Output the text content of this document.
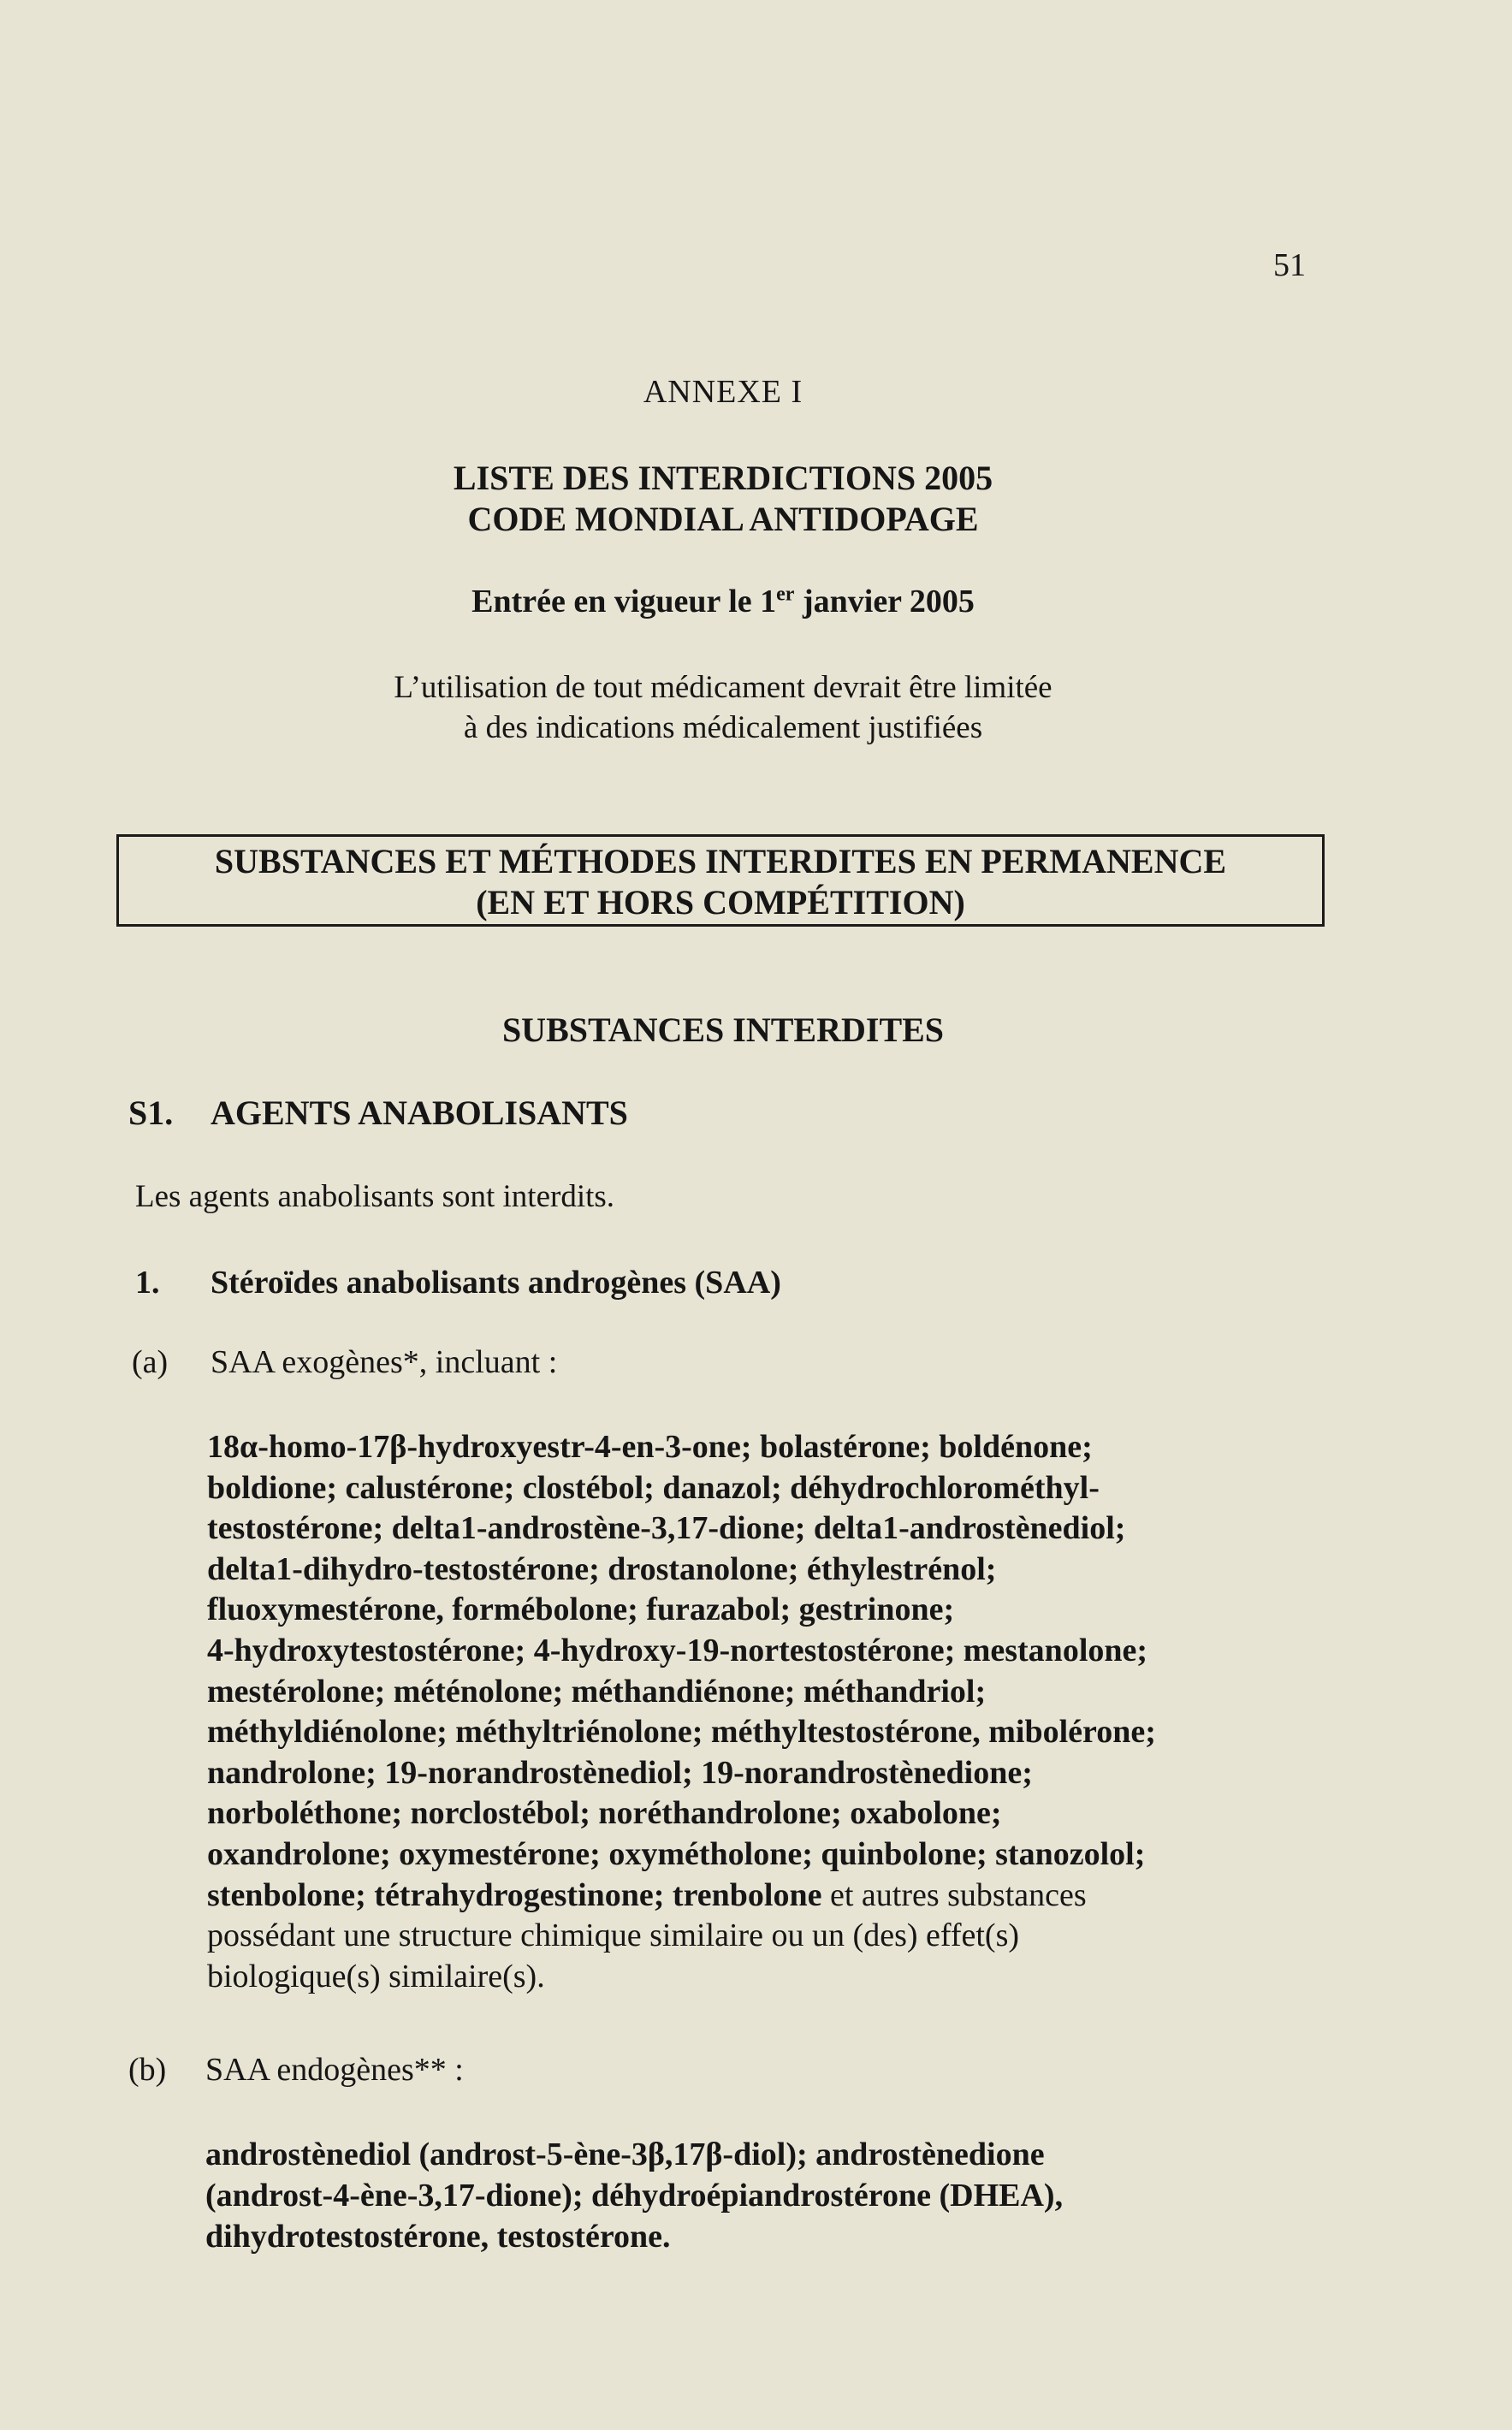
51
ANNEXE I
LISTE DES INTERDICTIONS 2005
CODE MONDIAL ANTIDOPAGE
Entrée en vigueur le 1er janvier 2005
L’utilisation de tout médicament devrait être limitée
à des indications médicalement justifiées
SUBSTANCES ET MÉTHODES INTERDITES EN PERMANENCE
(EN ET HORS COMPÉTITION)
SUBSTANCES INTERDITES
S1. AGENTS ANABOLISANTS
Les agents anabolisants sont interdits.
1. Stéroïdes anabolisants androgènes (SAA)
(a) SAA exogènes*, incluant :
18α-homo-17β-hydroxyestr-4-en-3-one; bolastérone; boldénone;
boldione; calustérone; clostébol; danazol; déhydrochlorométhyl-
testostérone; delta1-androstène-3,17-dione; delta1-androstènediol;
delta1-dihydro-testostérone; drostanolone; éthylestrénol;
fluoxymestérone, formébolone; furazabol; gestrinone;
4-hydroxytestostérone; 4-hydroxy-19-nortestostérone; mestanolone;
mestérolone; méténolone; méthandiénone; méthandriol;
méthyldiénolone; méthyltriénolone; méthyltestostérone, mibolérone;
nandrolone; 19-norandrostènediol; 19-norandrostènedione;
norboléthone; norclostébol; noréthandrolone; oxabolone;
oxandrolone; oxymestérone; oxymétholone; quinbolone; stanozolol;
stenbolone; tétrahydrogestinone; trenbolone et autres substances
possédant une structure chimique similaire ou un (des) effet(s)
biologique(s) similaire(s).
(b) SAA endogènes** :
androstènediol (androst-5-ène-3β,17β-diol); androstènedione
(androst-4-ène-3,17-dione); déhydroépiandrostérone (DHEA),
dihydrotestostérone, testostérone.
